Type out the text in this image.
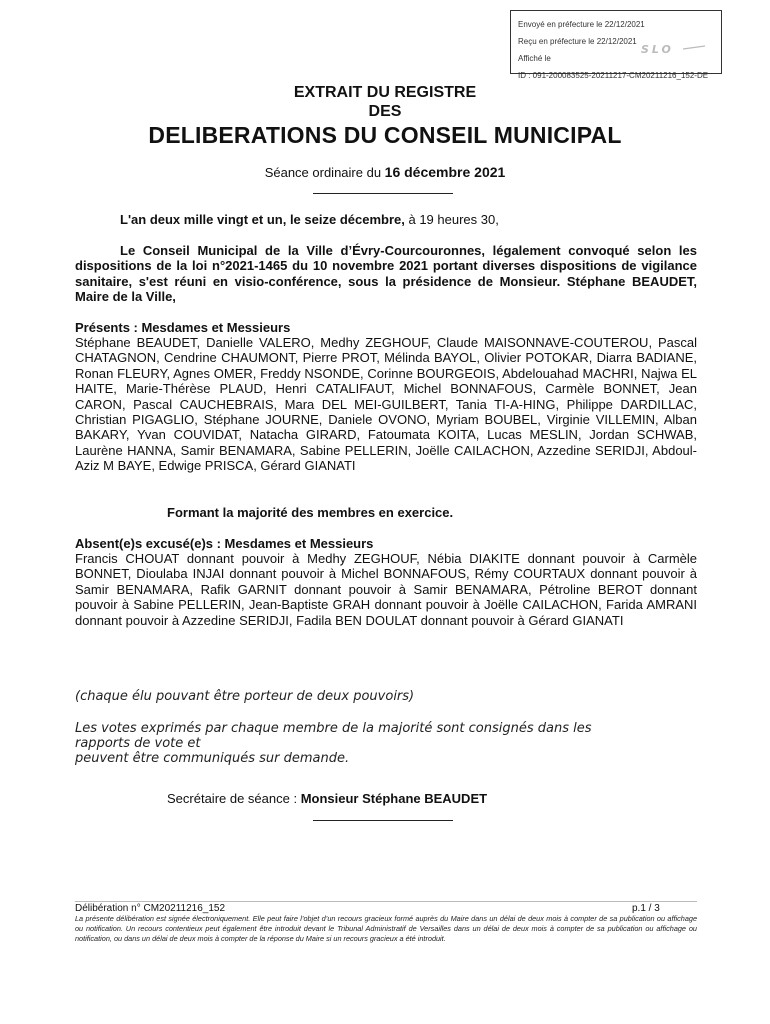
Envoyé en préfecture le 22/12/2021
Reçu en préfecture le 22/12/2021
Affiché le
ID : 091-200083525-20211217-CM20211216_152-DE
SLO
EXTRAIT DU REGISTRE
DES
DELIBERATIONS DU CONSEIL MUNICIPAL
Séance ordinaire du 16 décembre 2021
L'an deux mille vingt et un, le seize décembre, à 19 heures 30,
Le Conseil Municipal de la Ville d’Évry-Courcouronnes, légalement convoqué selon les dispositions de la loi n°2021-1465 du 10 novembre 2021 portant diverses dispositions de vigilance sanitaire, s'est réuni en visio-conférence, sous la présidence de Monsieur. Stéphane BEAUDET, Maire de la Ville,
Présents : Mesdames et Messieurs
Stéphane BEAUDET, Danielle VALERO, Medhy ZEGHOUF, Claude MAISONNAVE-COUTEROU, Pascal CHATAGNON, Cendrine CHAUMONT, Pierre PROT, Mélinda BAYOL, Olivier POTOKAR, Diarra BADIANE, Ronan FLEURY, Agnes OMER, Freddy NSONDE, Corinne BOURGEOIS, Abdelouahad MACHRI, Najwa EL HAITE, Marie-Thérèse PLAUD, Henri CATALIFAUT, Michel BONNAFOUS, Carmèle BONNET, Jean CARON, Pascal CAUCHEBRAIS, Mara DEL MEI-GUILBERT, Tania TI-A-HING, Philippe DARDILLAC, Christian PIGAGLIO, Stéphane JOURNE, Daniele OVONO, Myriam BOUBEL, Virginie VILLEMIN, Alban BAKARY, Yvan COUVIDAT, Natacha GIRARD, Fatoumata KOITA, Lucas MESLIN, Jordan SCHWAB, Laurène HANNA, Samir BENAMARA, Sabine PELLERIN, Joëlle CAILACHON, Azzedine SERIDJI, Abdoul-Aziz M BAYE, Edwige PRISCA, Gérard GIANATI
Formant la majorité des membres en exercice.
Absent(e)s excusé(e)s : Mesdames et Messieurs
Francis CHOUAT donnant pouvoir à Medhy ZEGHOUF, Nébia DIAKITE donnant pouvoir à Carmèle BONNET, Dioulaba INJAI donnant pouvoir à Michel BONNAFOUS, Rémy COURTAUX donnant pouvoir à Samir BENAMARA, Rafik GARNIT donnant pouvoir à Samir BENAMARA, Pétroline BEROT donnant pouvoir à Sabine PELLERIN, Jean-Baptiste GRAH donnant pouvoir à Joëlle CAILACHON, Farida AMRANI donnant pouvoir à Azzedine SERIDJI, Fadila BEN DOULAT donnant pouvoir à Gérard GIANATI
(chaque élu pouvant être porteur de deux pouvoirs)
Les votes exprimés par chaque membre de la majorité sont consignés dans les
rapports de vote et
peuvent être communiqués sur demande.
Secrétaire de séance : Monsieur Stéphane BEAUDET
Délibération n° CM20211216_152	p.1 / 3
La présente délibération est signée électroniquement. Elle peut faire l’objet d’un recours gracieux formé auprès du Maire dans un délai de deux mois à compter de sa publication ou affichage ou notification. Un recours contentieux peut également être introduit devant le Tribunal Administratif de Versailles dans un délai de deux mois à compter de sa publication ou affichage ou notification, ou dans un délai de deux mois à compter de la réponse du Maire si un recours gracieux a été introduit.
